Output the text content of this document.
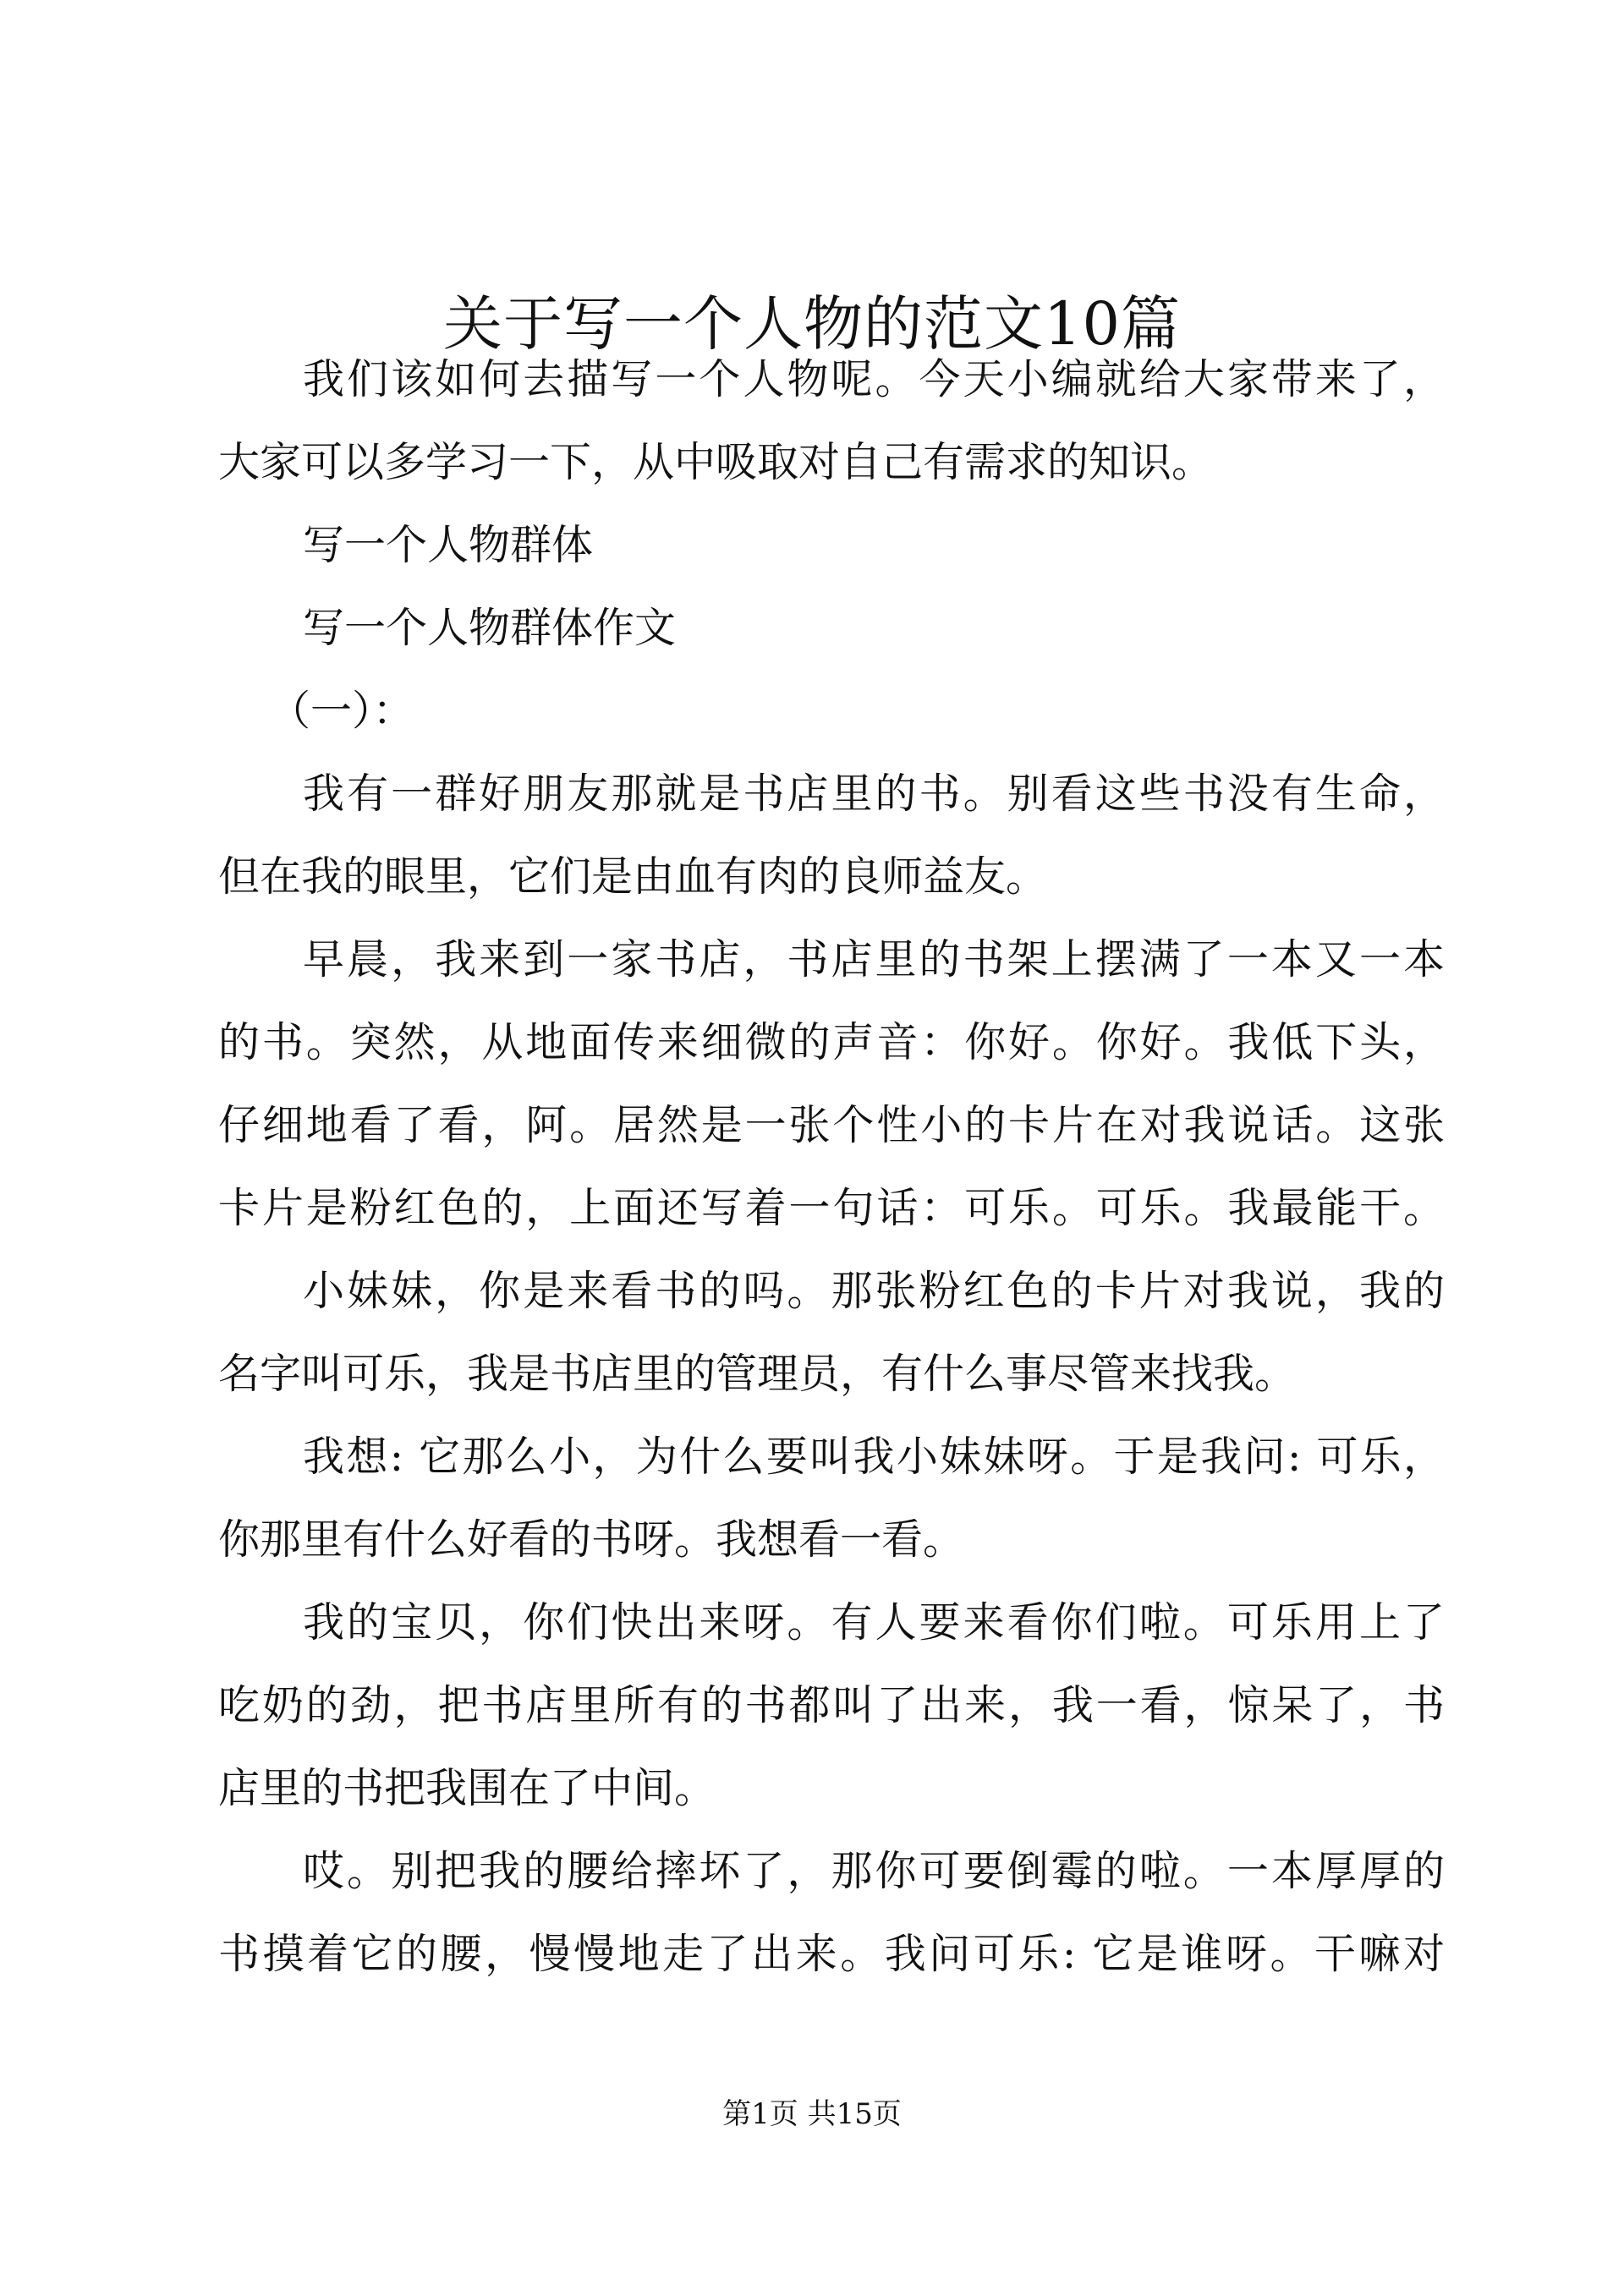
关于写一个人物的范文10篇
我们该如何去描写一个人物呢。今天小编就给大家带来了，
大家可以多学习一下，从中吸取对自己有需求的知识。
写一个人物群体
写一个人物群体作文
（一）：
我有一群好朋友那就是书店里的书。别看这些书没有生命，
但在我的眼里，它们是由血有肉的良师益友。
早晨，我来到一家书店，书店里的书架上摆满了一本又一本
的书。突然，从地面传来细微的声音：你好。你好。我低下头，
仔细地看了看，阿。居然是一张个性小的卡片在对我说话。这张
卡片是粉红色的，上面还写着一句话：可乐。可乐。我最能干。
小妹妹，你是来看书的吗。那张粉红色的卡片对我说，我的
名字叫可乐，我是书店里的管理员，有什么事尽管来找我。
我想: 它那么小，为什么要叫我小妹妹呀。于是我问: 可乐，
你那里有什么好看的书呀。我想看一看。
我的宝贝，你们快出来呀。有人要来看你们啦。可乐用上了
吃奶的劲，把书店里所有的书都叫了出来，我一看，惊呆了，书
店里的书把我围在了中间。
哎。别把我的腰给摔坏了，那你可要倒霉的啦。一本厚厚的
书摸着它的腰，慢慢地走了出来。我问可乐: 它是谁呀。干嘛对
第1页 共15页
